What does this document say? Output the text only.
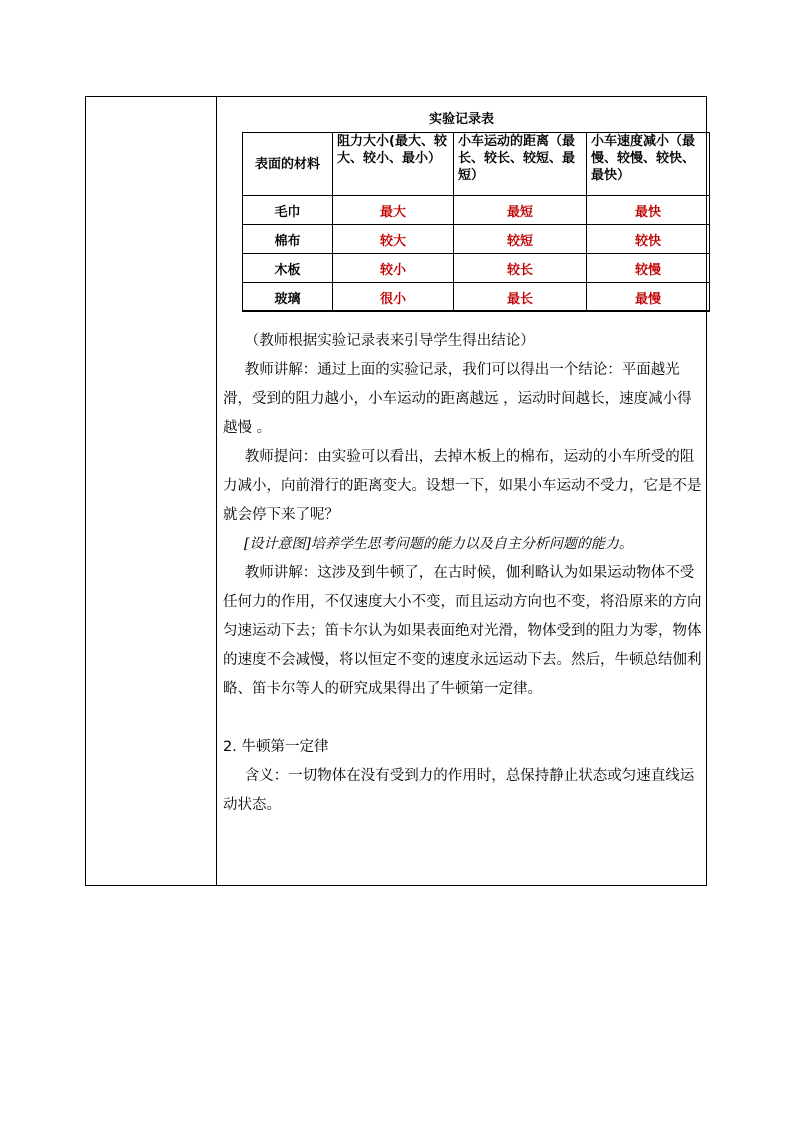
实验记录表
表面的材料	阻力大小(最大、较大、较小、最小）	小车运动的距离（最长、较长、较短、最短）	小车速度减小（最慢、较慢、较快、最快）
毛巾	最大	最短	最快
棉布	较大	较短	较快
木板	较小	较长	较慢
玻璃	很小	最长	最慢

（教师根据实验记录表来引导学生得出结论）

教师讲解：通过上面的实验记录，我们可以得出一个结论：平面越光滑，受到的阻力越小，小车运动的距离越远 ，运动时间越长，速度减小得越慢 。

教师提问：由实验可以看出，去掉木板上的棉布，运动的小车所受的阻力减小，向前滑行的距离变大。设想一下，如果小车运动不受力，它是不是就会停下来了呢？

[设计意图]培养学生思考问题的能力以及自主分析问题的能力。

教师讲解：这涉及到牛顿了，在古时候，伽利略认为如果运动物体不受任何力的作用，不仅速度大小不变，而且运动方向也不变，将沿原来的方向匀速运动下去；笛卡尔认为如果表面绝对光滑，物体受到的阻力为零，物体的速度不会减慢，将以恒定不变的速度永远运动下去。然后，牛顿总结伽利略、笛卡尔等人的研究成果得出了牛顿第一定律。

2. 牛顿第一定律

含义：一切物体在没有受到力的作用时，总保持静止状态或匀速直线运动状态。
